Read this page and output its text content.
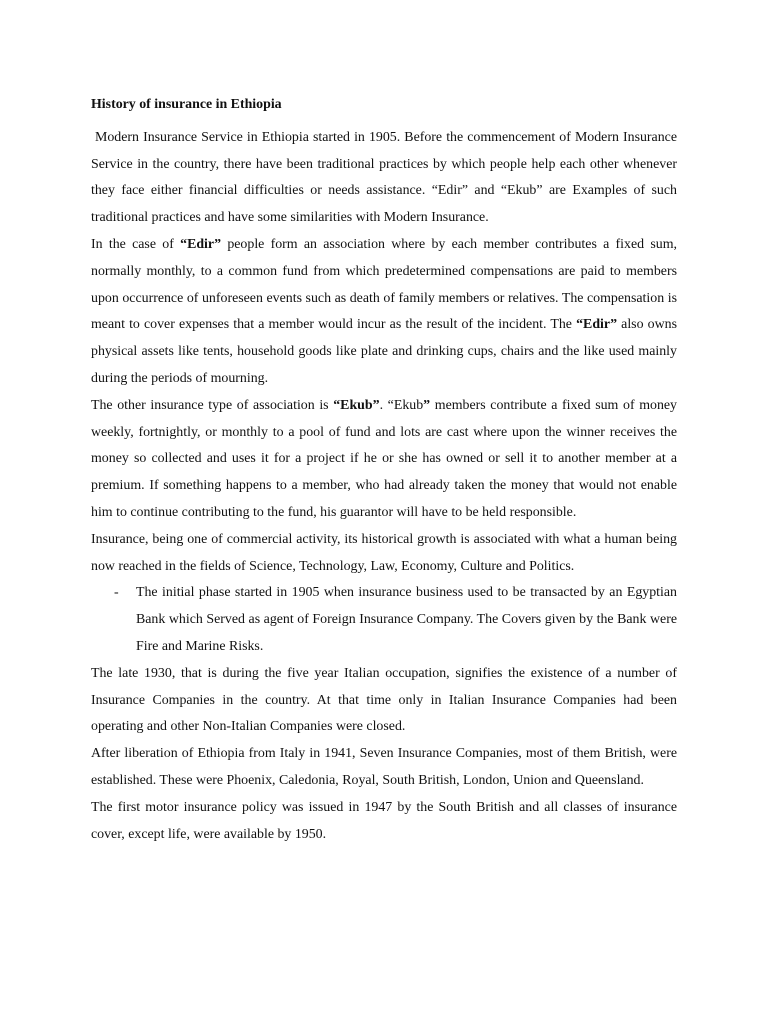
History of insurance in Ethiopia

Modern Insurance Service in Ethiopia started in 1905. Before the commencement of Modern Insurance Service in the country, there have been traditional practices by which people help each other whenever they face either financial difficulties or needs assistance. “Edir” and “Ekub” are Examples of such traditional practices and have some similarities with Modern Insurance.

In the case of “Edir” people form an association where by each member contributes a fixed sum, normally monthly, to a common fund from which predetermined compensations are paid to members upon occurrence of unforeseen events such as death of family members or relatives. The compensation is meant to cover expenses that a member would incur as the result of the incident. The “Edir” also owns physical assets like tents, household goods like plate and drinking cups, chairs and the like used mainly during the periods of mourning.

The other insurance type of association is “Ekub”. “Ekub” members contribute a fixed sum of money weekly, fortnightly, or monthly to a pool of fund and lots are cast where upon the winner receives the money so collected and uses it for a project if he or she has owned or sell it to another member at a premium. If something happens to a member, who had already taken the money that would not enable him to continue contributing to the fund, his guarantor will have to be held responsible.

Insurance, being one of commercial activity, its historical growth is associated with what a human being now reached in the fields of Science, Technology, Law, Economy, Culture and Politics.

- The initial phase started in 1905 when insurance business used to be transacted by an Egyptian Bank which Served as agent of Foreign Insurance Company. The Covers given by the Bank were Fire and Marine Risks.

The late 1930, that is during the five year Italian occupation, signifies the existence of a number of Insurance Companies in the country. At that time only in Italian Insurance Companies had been operating and other Non-Italian Companies were closed.

After liberation of Ethiopia from Italy in 1941, Seven Insurance Companies, most of them British, were established. These were Phoenix, Caledonia, Royal, South British, London, Union and Queensland.

The first motor insurance policy was issued in 1947 by the South British and all classes of insurance cover, except life, were available by 1950.
